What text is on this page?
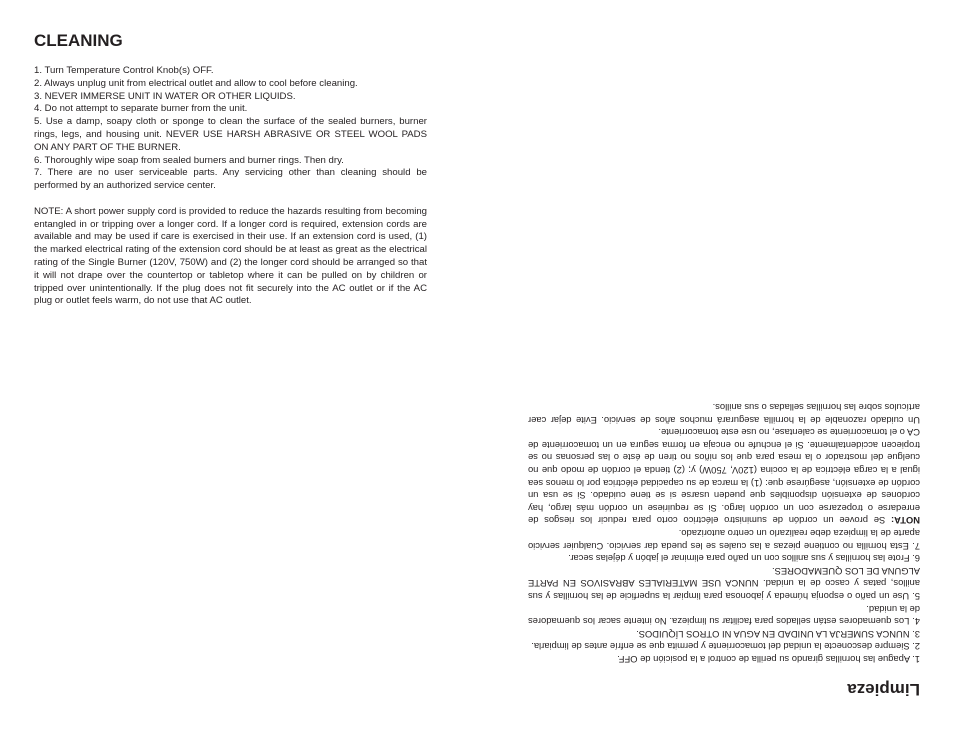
CLEANING
1. Turn Temperature Control Knob(s) OFF.
2. Always unplug unit from electrical outlet and allow to cool before cleaning.
3. NEVER IMMERSE UNIT IN WATER OR OTHER LIQUIDS.
4. Do not attempt to separate burner from the unit.
5. Use a damp, soapy cloth or sponge to clean the surface of the sealed burners, burner rings, legs, and housing unit. NEVER USE HARSH ABRASIVE OR STEEL WOOL PADS ON ANY PART OF THE BURNER.
6. Thoroughly wipe soap from sealed burners and burner rings. Then dry.
7. There are no user serviceable parts. Any servicing other than cleaning should be performed by an authorized service center.
NOTE: A short power supply cord is provided to reduce the hazards resulting from becoming entangled in or tripping over a longer cord. If a longer cord is required, extension cords are available and may be used if care is exercised in their use. If an extension cord is used, (1) the marked electrical rating of the extension cord should be at least as great as the electrical rating of the Single Burner (120V, 750W) and (2) the longer cord should be arranged so that it will not drape over the countertop or tabletop where it can be pulled on by children or tripped over unintentionally. If the plug does not fit securely into the AC outlet or if the AC plug or outlet feels warm, do not use that AC outlet.
Limpieza
1. Apague las hornillas girando su perilla de control a la posición de OFF.
2. Siempre desconecte la unidad del tomacorriente y permita que se enfríe antes de limpiarla.
3. NUNCA SUMERJA LA UNIDAD EN AGUA NI OTROS LÍQUIDOS.
4. Los quemadores están sellados para facilitar su limpieza. No intente sacar los quemadores de la unidad.
5. Use un paño o esponja húmeda y jabonosa para limpiar la superficie de las hornillas y sus anillos, patas y casco de la unidad. NUNCA USE MATERIALES ABRASIVOS EN PARTE ALGUNA DE LOS QUEMADORES.
6. Frote las hornillas y sus anillos con un paño para eliminar el jabón y déjelas secar.
7. Esta hornilla no contiene piezas a las cuales se les pueda dar servicio. Cualquier servicio aparte de la limpieza debe realizarlo un centro autorizado.
NOTA: Se provee un cordón de suministro eléctrico corto para reducir los riesgos de enredarse o tropezarse con un cordón largo. Si se requiriese un cordón más largo, hay cordones de extensión disponibles que pueden usarse si se tiene cuidado. Si se usa un cordón de extensión, asegúrese que: (1) la marca de su capacidad eléctrica por lo menos sea igual a la carga eléctrica de la cocina (120V, 750W) y; (2) tienda el cordón de modo que no cuelgue del mostrador o la mesa para que los niños no tiren de éste o las personas no se tropiecen accidentalmente. Si el enchufe no encaja en forma segura en un tomacorriente de CA o el tomacorriente se calentase, no use este tomacorriente.
Un cuidado razonable de la hornilla asegurará muchos años de servicio. Evite dejar caer artículos sobre las hornillas selladas o sus anillos.
